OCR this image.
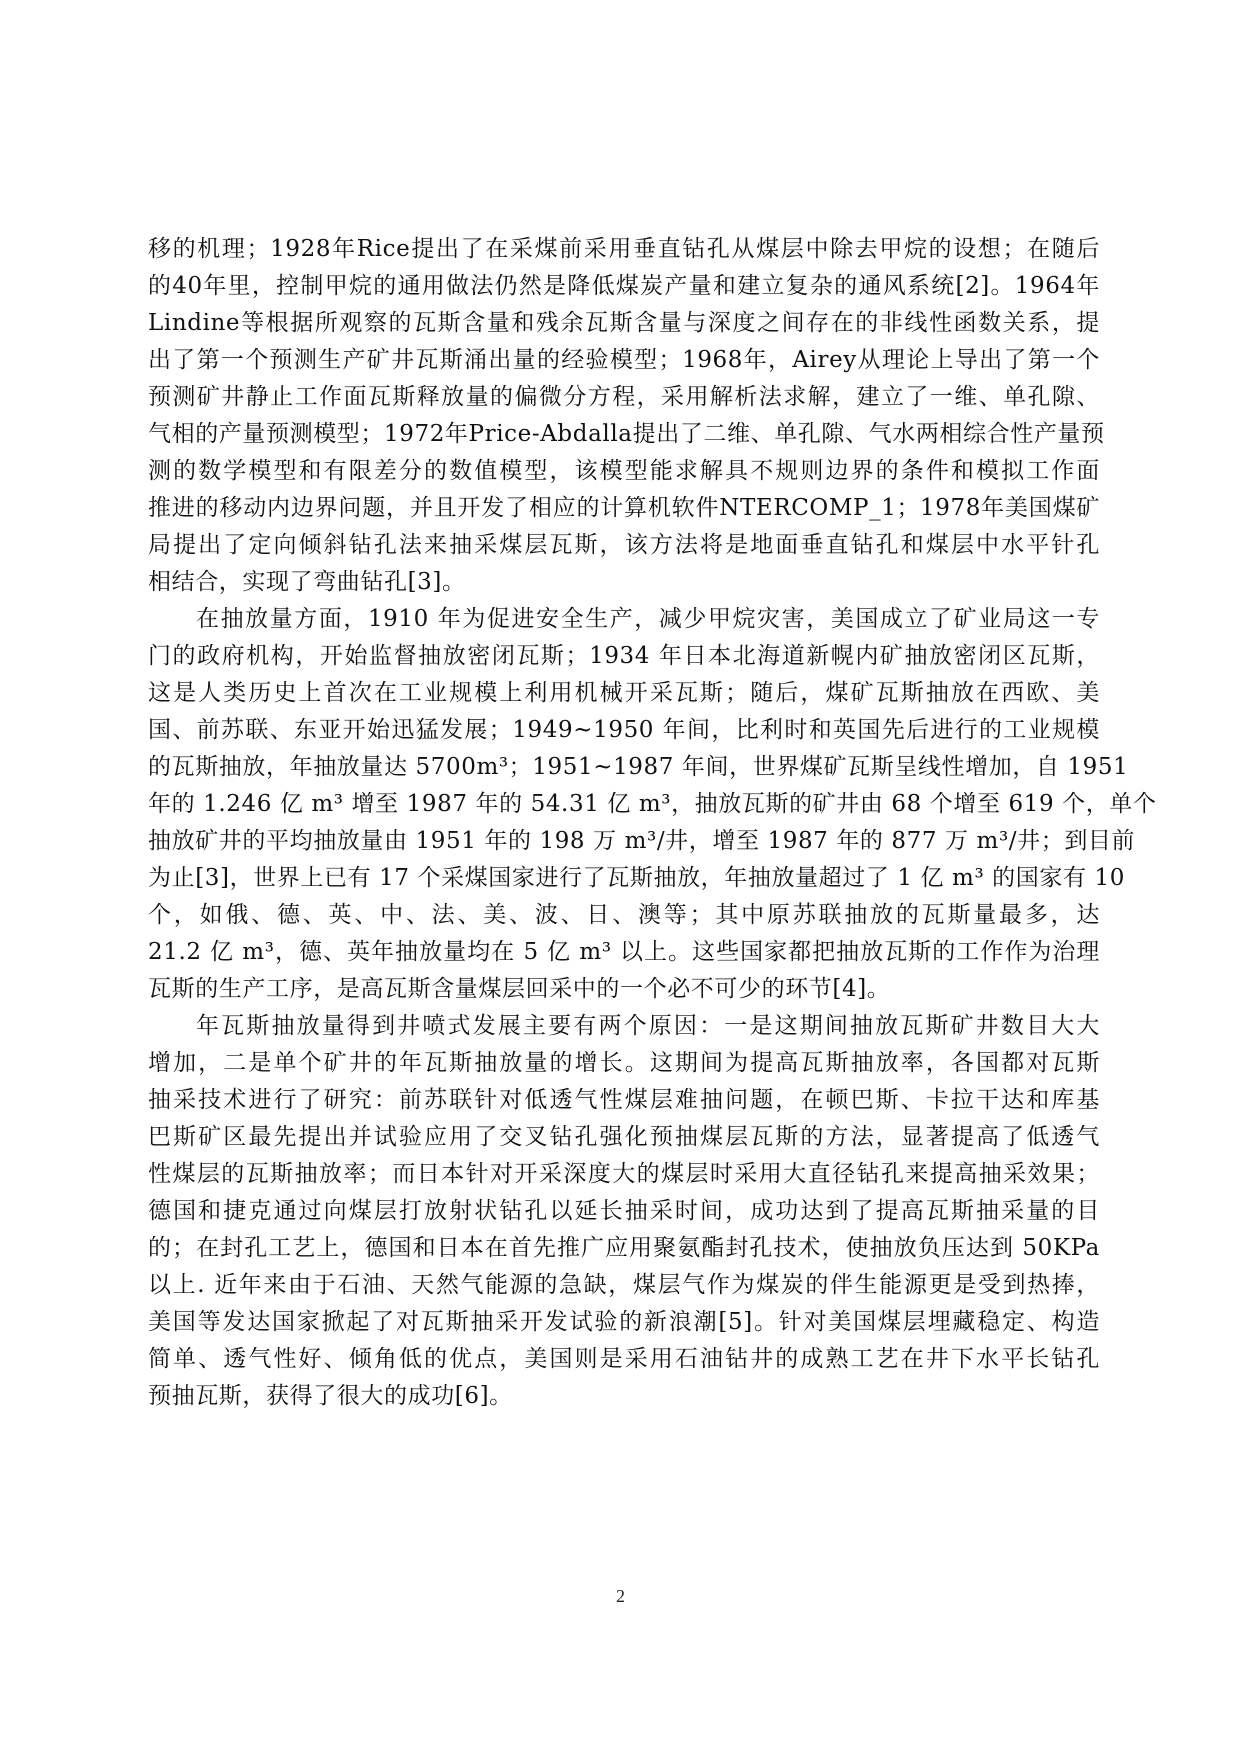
移的机理；1928年Rice提出了在采煤前采用垂直钻孔从煤层中除去甲烷的设想；在随后
的40年里，控制甲烷的通用做法仍然是降低煤炭产量和建立复杂的通风系统[2]。1964年
Lindine等根据所观察的瓦斯含量和残余瓦斯含量与深度之间存在的非线性函数关系，提
出了第一个预测生产矿井瓦斯涌出量的经验模型；1968年，Airey从理论上导出了第一个
预测矿井静止工作面瓦斯释放量的偏微分方程，采用解析法求解，建立了一维、单孔隙、
气相的产量预测模型；1972年Price-Abdalla提出了二维、单孔隙、气水两相综合性产量预
测的数学模型和有限差分的数值模型，该模型能求解具不规则边界的条件和模拟工作面
推进的移动内边界问题，并且开发了相应的计算机软件NTERCOMP_1；1978年美国煤矿
局提出了定向倾斜钻孔法来抽采煤层瓦斯，该方法将是地面垂直钻孔和煤层中水平针孔
相结合，实现了弯曲钻孔[3]。
在抽放量方面，1910 年为促进安全生产，减少甲烷灾害，美国成立了矿业局这一专
门的政府机构，开始监督抽放密闭瓦斯；1934 年日本北海道新幌内矿抽放密闭区瓦斯，
这是人类历史上首次在工业规模上利用机械开采瓦斯；随后，煤矿瓦斯抽放在西欧、美
国、前苏联、东亚开始迅猛发展；1949~1950 年间，比利时和英国先后进行的工业规模
的瓦斯抽放，年抽放量达 5700m³；1951~1987 年间，世界煤矿瓦斯呈线性增加，自 1951
年的 1.246 亿 m³ 增至 1987 年的 54.31 亿 m³，抽放瓦斯的矿井由 68 个增至 619 个，单个
抽放矿井的平均抽放量由 1951 年的 198 万 m³/井，增至 1987 年的 877 万 m³/井；到目前
为止[3]，世界上已有 17 个采煤国家进行了瓦斯抽放，年抽放量超过了 1 亿 m³ 的国家有 10
个，如俄、德、英、中、法、美、波、日、澳等；其中原苏联抽放的瓦斯量最多，达
21.2 亿 m³，德、英年抽放量均在 5 亿 m³ 以上。这些国家都把抽放瓦斯的工作作为治理
瓦斯的生产工序，是高瓦斯含量煤层回采中的一个必不可少的环节[4]。
年瓦斯抽放量得到井喷式发展主要有两个原因：一是这期间抽放瓦斯矿井数目大大
增加，二是单个矿井的年瓦斯抽放量的增长。这期间为提高瓦斯抽放率，各国都对瓦斯
抽采技术进行了研究：前苏联针对低透气性煤层难抽问题，在顿巴斯、卡拉干达和库基
巴斯矿区最先提出并试验应用了交叉钻孔强化预抽煤层瓦斯的方法，显著提高了低透气
性煤层的瓦斯抽放率；而日本针对开采深度大的煤层时采用大直径钻孔来提高抽采效果；
德国和捷克通过向煤层打放射状钻孔以延长抽采时间，成功达到了提高瓦斯抽采量的目
的；在封孔工艺上，德国和日本在首先推广应用聚氨酯封孔技术，使抽放负压达到 50KPa
以上. 近年来由于石油、天然气能源的急缺，煤层气作为煤炭的伴生能源更是受到热捧，
美国等发达国家掀起了对瓦斯抽采开发试验的新浪潮[5]。针对美国煤层埋藏稳定、构造
简单、透气性好、倾角低的优点，美国则是采用石油钻井的成熟工艺在井下水平长钻孔
预抽瓦斯，获得了很大的成功[6]。
2
